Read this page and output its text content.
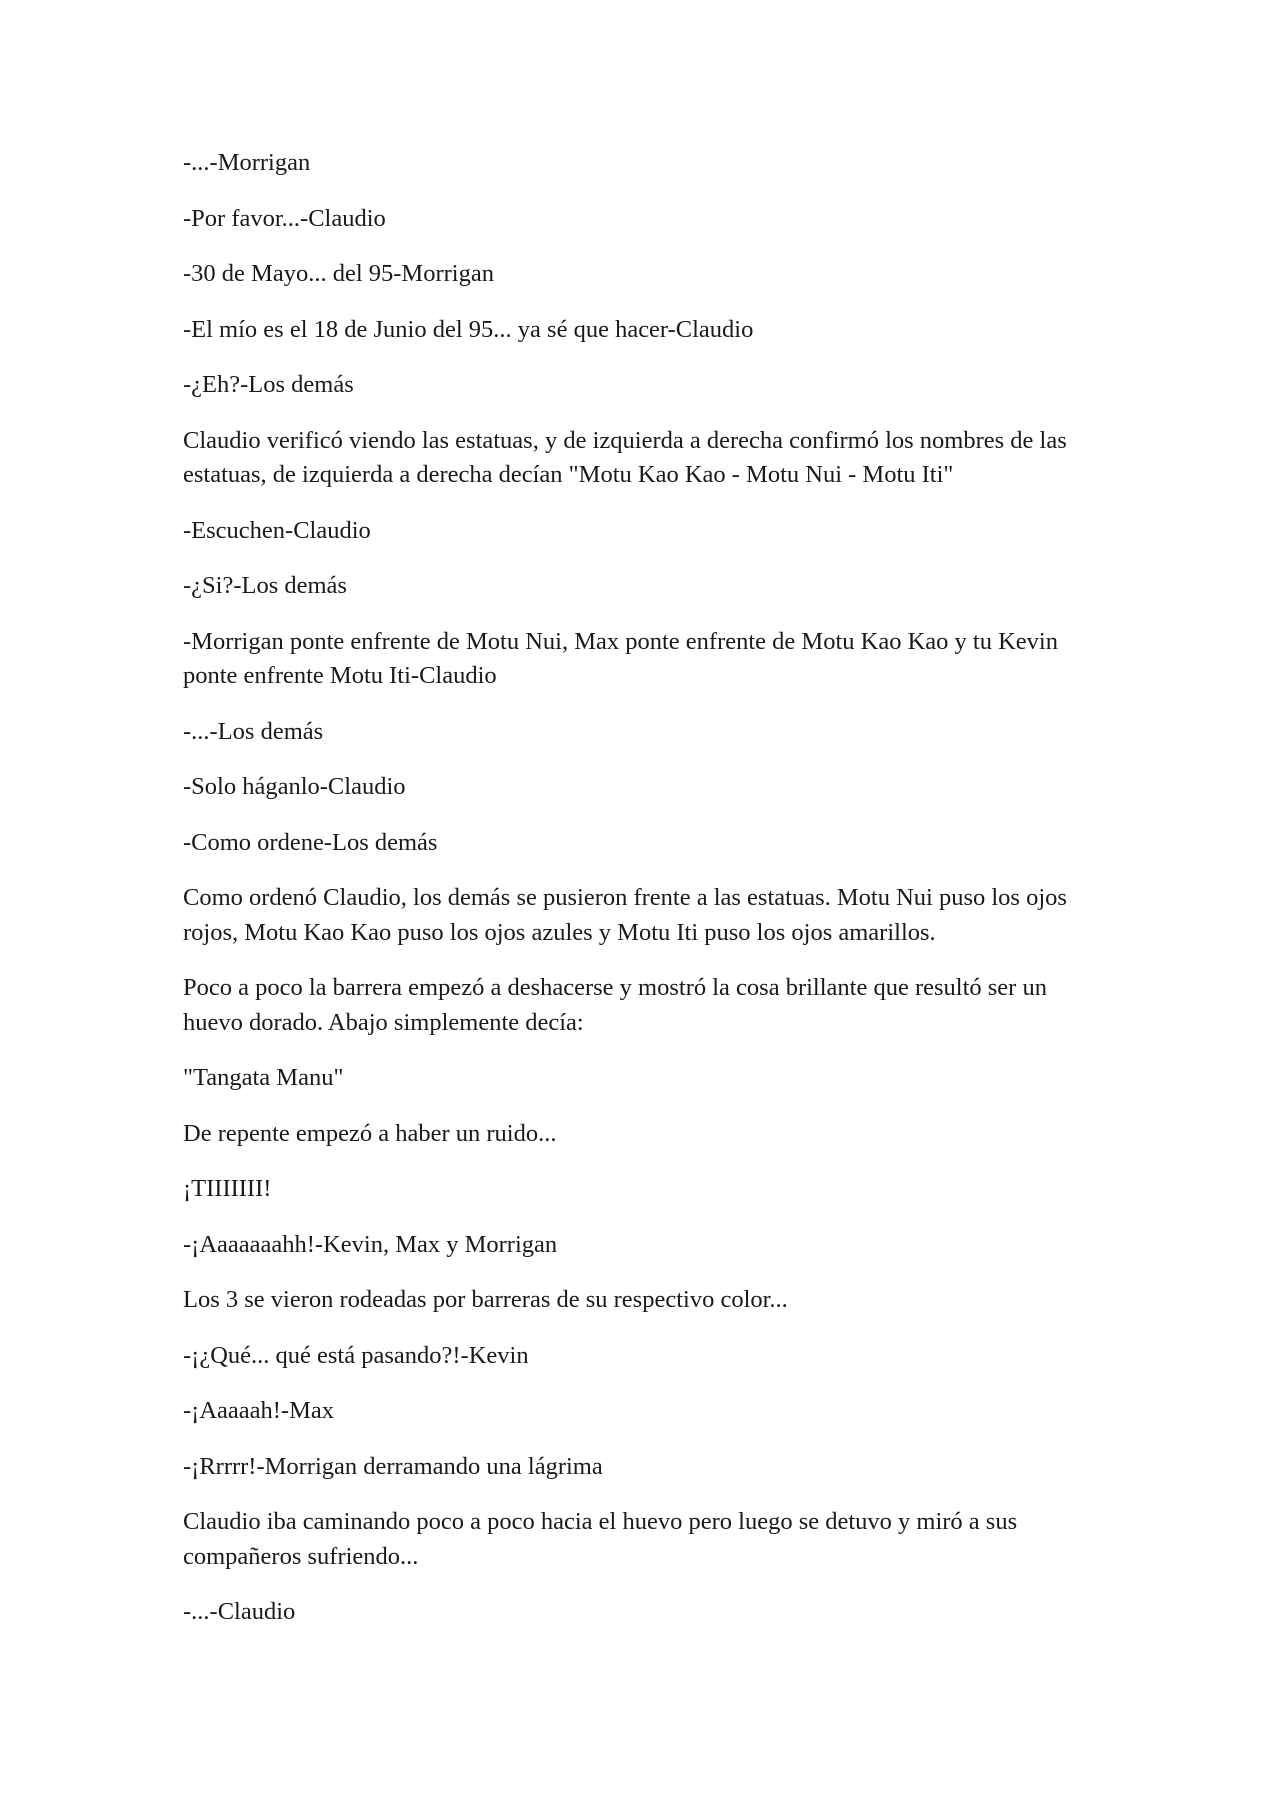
-...-Morrigan

-Por favor...-Claudio

-30 de Mayo... del 95-Morrigan

-El mío es el 18 de Junio del 95... ya sé que hacer-Claudio

-¿Eh?-Los demás

Claudio verificó viendo las estatuas, y de izquierda a derecha confirmó los nombres de las estatuas, de izquierda a derecha decían "Motu Kao Kao - Motu Nui - Motu Iti"

-Escuchen-Claudio

-¿Si?-Los demás

-Morrigan ponte enfrente de Motu Nui, Max ponte enfrente de Motu Kao Kao y tu Kevin ponte enfrente Motu Iti-Claudio

-...-Los demás

-Solo háganlo-Claudio

-Como ordene-Los demás

Como ordenó Claudio, los demás se pusieron frente a las estatuas. Motu Nui puso los ojos rojos, Motu Kao Kao puso los ojos azules y Motu Iti puso los ojos amarillos.

Poco a poco la barrera empezó a deshacerse y mostró la cosa brillante que resultó ser un huevo dorado. Abajo simplemente decía:

"Tangata Manu"

De repente empezó a haber un ruido...

¡TIIIIIII!

-¡Aaaaaaahh!-Kevin, Max y Morrigan

Los 3 se vieron rodeadas por barreras de su respectivo color...

-¡¿Qué... qué está pasando?!-Kevin

-¡Aaaaah!-Max

-¡Rrrrr!-Morrigan derramando una lágrima

Claudio iba caminando poco a poco hacia el huevo pero luego se detuvo y miró a sus compañeros sufriendo...

-...-Claudio
